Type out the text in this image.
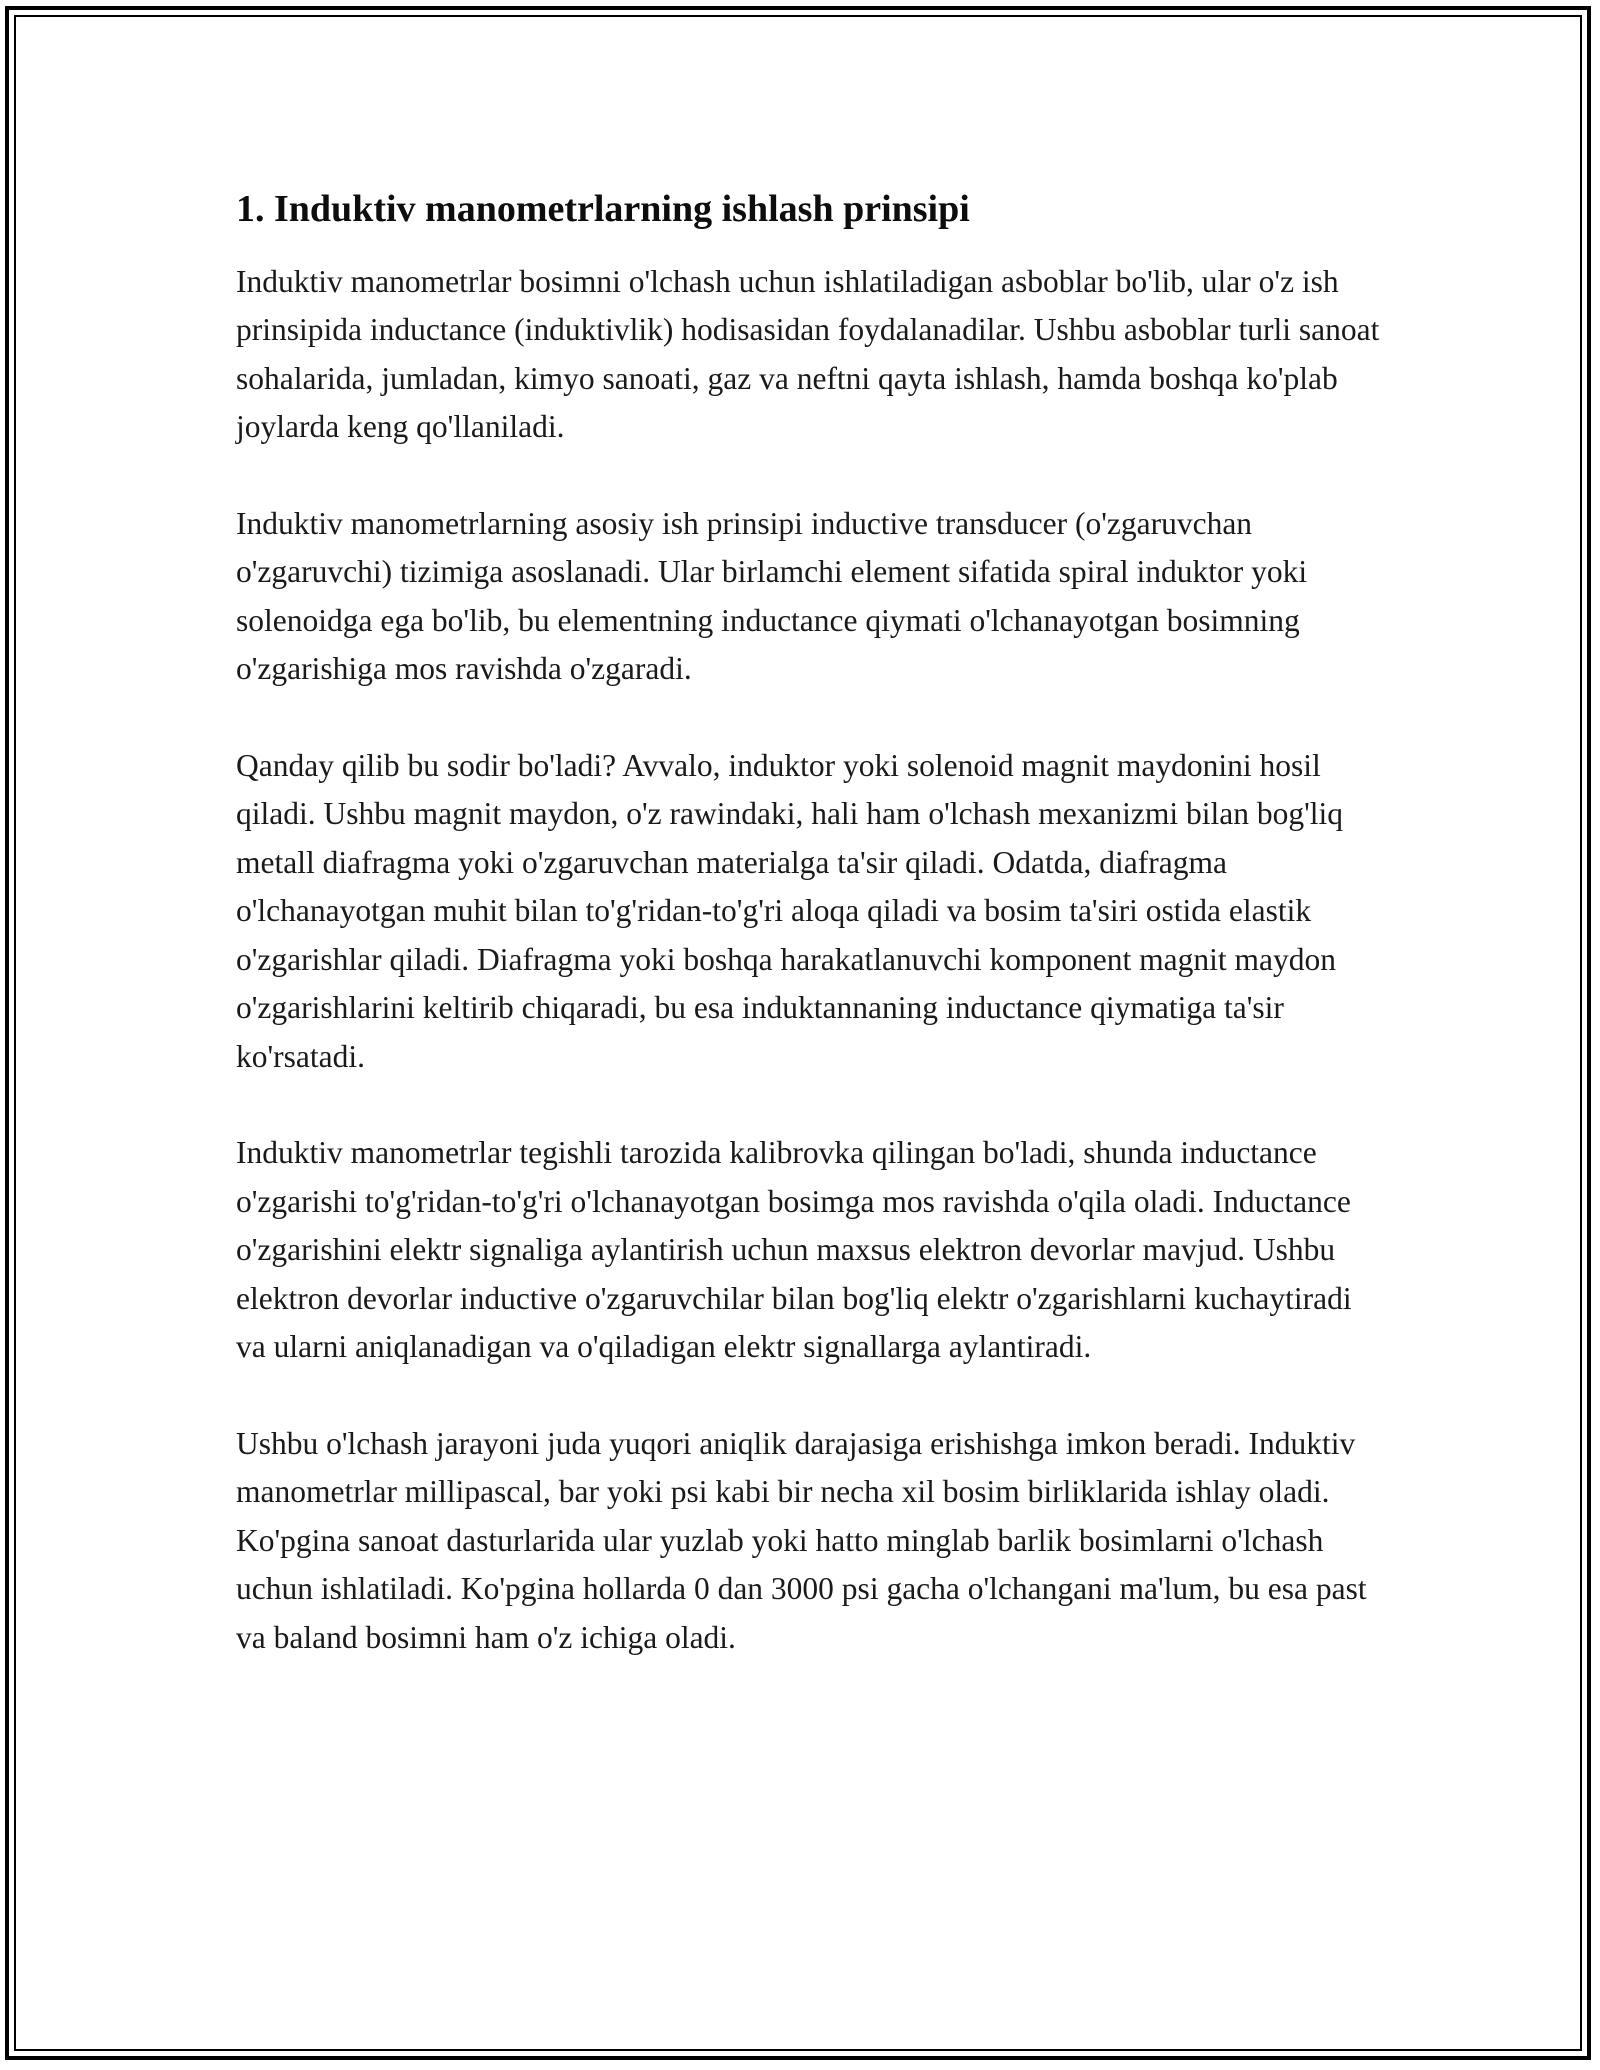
1. Induktiv manometrlarning ishlash prinsipi

Induktiv manometrlar bosimni o'lchash uchun ishlatiladigan asboblar bo'lib, ular o'z ish prinsipida inductance (induktivlik) hodisasidan foydalanadilar. Ushbu asboblar turli sanoat sohalarida, jumladan, kimyo sanoati, gaz va neftni qayta ishlash, hamda boshqa ko'plab joylarda keng qo'llaniladi.

Induktiv manometrlarning asosiy ish prinsipi inductive transducer (o'zgaruvchan o'zgaruvchi) tizimiga asoslanadi. Ular birlamchi element sifatida spiral induktor yoki solenoidga ega bo'lib, bu elementning inductance qiymati o'lchanayotgan bosimning o'zgarishiga mos ravishda o'zgaradi.

Qanday qilib bu sodir bo'ladi? Avvalo, induktor yoki solenoid magnit maydonini hosil qiladi. Ushbu magnit maydon, o'z rawindaki, hali ham o'lchash mexanizmi bilan bog'liq metall diafragma yoki o'zgaruvchan materialga ta'sir qiladi. Odatda, diafragma o'lchanayotgan muhit bilan to'g'ridan-to'g'ri aloqa qiladi va bosim ta'siri ostida elastik o'zgarishlar qiladi. Diafragma yoki boshqa harakatlanuvchi komponent magnit maydon o'zgarishlarini keltirib chiqaradi, bu esa induktannaning inductance qiymatiga ta'sir ko'rsatadi.

Induktiv manometrlar tegishli tarozida kalibrovka qilingan bo'ladi, shunda inductance o'zgarishi to'g'ridan-to'g'ri o'lchanayotgan bosimga mos ravishda o'qila oladi. Inductance o'zgarishini elektr signaliga aylantirish uchun maxsus elektron devorlar mavjud. Ushbu elektron devorlar inductive o'zgaruvchilar bilan bog'liq elektr o'zgarishlarni kuchaytiradi va ularni aniqlanadigan va o'qiladigan elektr signallarga aylantiradi.

Ushbu o'lchash jarayoni juda yuqori aniqlik darajasiga erishishga imkon beradi. Induktiv manometrlar millipascal, bar yoki psi kabi bir necha xil bosim birliklarida ishlay oladi. Ko'pgina sanoat dasturlarida ular yuzlab yoki hatto minglab barlik bosimlarni o'lchash uchun ishlatiladi. Ko'pgina hollarda 0 dan 3000 psi gacha o'lchangani ma'lum, bu esa past va baland bosimni ham o'z ichiga oladi.
